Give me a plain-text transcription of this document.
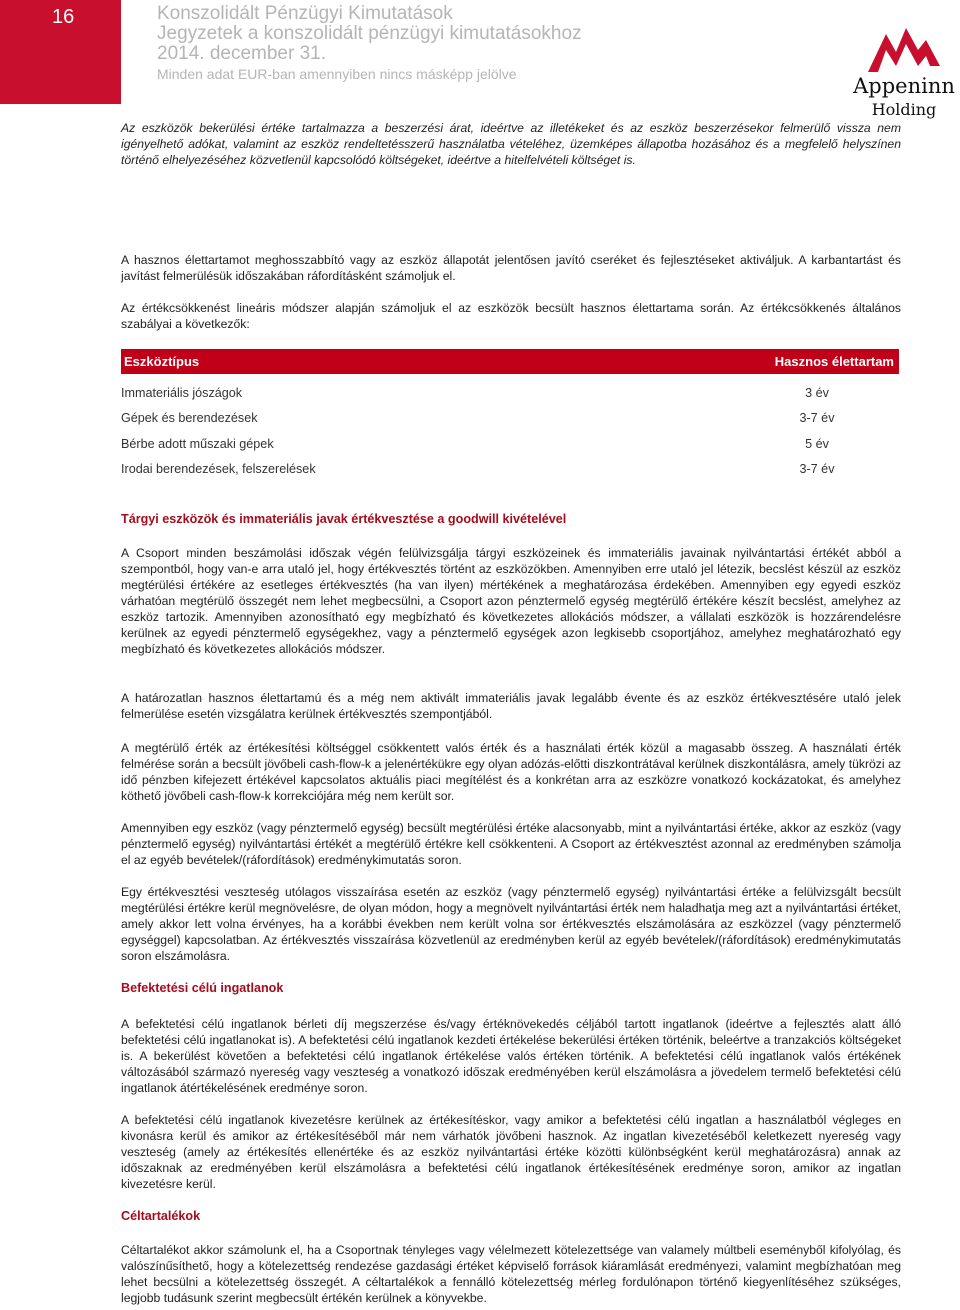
16	Konszolidált Pénzügyi Kimutatások
Jegyzetek a konszolidált pénzügyi kimutatásokhoz
2014. december 31.
Minden adat EUR-ban amennyiben nincs másképp jelölve	Appeninn
Holding

Az eszközök bekerülési értéke tartalmazza a beszerzési árat, ideértve az illetékeket és az eszköz beszerzésekor felmerülő vissza nem igényelhető adókat, valamint az eszköz rendeltetésszerű használatba vételéhez, üzemképes állapotba hozásához és a megfelelő helyszínen történő elhelyezéséhez közvetlenül kapcsolódó költségeket, ideértve a hitelfelvételi költséget is.

A hasznos élettartamot meghosszabbító vagy az eszköz állapotát jelentősen javító cseréket és fejlesztéseket aktiváljuk. A karbantartást és javítást felmerülésük időszakában ráfordításként számoljuk el.

Az értékcsökkenést lineáris módszer alapján számoljuk el az eszközök becsült hasznos élettartama során. Az értékcsökkenés általános szabályai a következők:

Eszköztípus	Hasznos élettartam
Immateriális jószágok	3 év
Gépek és berendezések	3-7 év
Bérbe adott műszaki gépek	5 év
Irodai berendezések, felszerelések	3-7 év
Tárgyi eszközök és immateriális javak értékvesztése a goodwill kivételével

A Csoport minden beszámolási időszak végén felülvizsgálja tárgyi eszközeinek és immateriális javainak nyilvántartási értékét abból a szempontból, hogy van-e arra utaló jel, hogy értékvesztés történt az eszközökben. Amennyiben erre utaló jel létezik, becslést készül az eszköz megtérülési értékére az esetleges értékvesztés (ha van ilyen) mértékének a meghatározása érdekében. Amennyiben egy egyedi eszköz várhatóan megtérülő összegét nem lehet megbecsülni, a Csoport azon pénztermelő egység megtérülő értékére készít becslést, amelyhez az eszköz tartozik. Amennyiben azonosítható egy megbízható és következetes allokációs módszer, a vállalati eszközök is hozzárendelésre kerülnek az egyedi pénztermelő egységekhez, vagy a pénztermelő egységek azon legkisebb csoportjához, amelyhez meghatározható egy megbízható és következetes allokációs módszer.

A határozatlan hasznos élettartamú és a még nem aktivált immateriális javak legalább évente és az eszköz értékvesztésére utaló jelek felmerülése esetén vizsgálatra kerülnek értékvesztés szempontjából.

A megtérülő érték az értékesítési költséggel csökkentett valós érték és a használati érték közül a magasabb összeg. A használati érték felmérése során a becsült jövőbeli cash-flow-k a jelenértékükre egy olyan adózás-előtti diszkontrátával kerülnek diszkontálásra, amely tükrözi az idő pénzben kifejezett értékével kapcsolatos aktuális piaci megítélést és a konkrétan arra az eszközre vonatkozó kockázatokat, és amelyhez köthető jövőbeli cash-flow-k korrekciójára még nem került sor.

Amennyiben egy eszköz (vagy pénztermelő egység) becsült megtérülési értéke alacsonyabb, mint a nyilvántartási értéke, akkor az eszköz (vagy pénztermelő egység) nyilvántartási értékét a megtérülő értékre kell csökkenteni. A Csoport az értékvesztést azonnal az eredményben számolja el az egyéb bevételek/(ráfordítások) eredménykimutatás soron.

Egy értékvesztési veszteség utólagos visszaírása esetén az eszköz (vagy pénztermelő egység) nyilvántartási értéke a felülvizsgált becsült megtérülési értékre kerül megnövelésre, de olyan módon, hogy a megnövelt nyilvántartási érték nem haladhatja meg azt a nyilvántartási értéket, amely akkor lett volna érvényes, ha a korábbi években nem került volna sor értékvesztés elszámolására az eszközzel (vagy pénztermelő egységgel) kapcsolatban. Az értékvesztés visszaírása közvetlenül az eredményben kerül az egyéb bevételek/(ráfordítások) eredménykimutatás soron elszámolásra.

Befektetési célú ingatlanok

A befektetési célú ingatlanok bérleti díj megszerzése és/vagy értéknövekedés céljából tartott ingatlanok (ideértve a fejlesztés alatt álló befektetési célú ingatlanokat is). A befektetési célú ingatlanok kezdeti értékelése bekerülési értéken történik, beleértve a tranzakciós költségeket is. A bekerülést követően a befektetési célú ingatlanok értékelése valós értéken történik. A befektetési célú ingatlanok valós értékének változásából származó nyereség vagy veszteség a vonatkozó időszak eredményében kerül elszámolásra a jövedelem termelő befektetési célú ingatlanok átértékelésének eredménye soron.

A befektetési célú ingatlanok kivezetésre kerülnek az értékesítéskor, vagy amikor a befektetési célú ingatlan a használatból végleges en kivonásra kerül és amikor az értékesítéséből már nem várhatók jövőbeni hasznok. Az ingatlan kivezetéséből keletkezett nyereség vagy veszteség (amely az értékesítés ellenértéke és az eszköz nyilvántartási értéke közötti különbségként kerül meghatározásra) annak az időszaknak az eredményében kerül elszámolásra a befektetési célú ingatlanok értékesítésének eredménye soron, amikor az ingatlan kivezetésre kerül.

Céltartalékok

Céltartalékot akkor számolunk el, ha a Csoportnak tényleges vagy vélelmezett kötelezettsége van valamely múltbeli eseményből kifolyólag, és valószínűsíthető, hogy a kötelezettség rendezése gazdasági értéket képviselő források kiáramlását eredményezi, valamint megbízhatóan meg lehet becsülni a kötelezettség összegét. A céltartalékok a fennálló kötelezettség mérleg fordulónapon történő kiegyenlítéséhez szükséges, legjobb tudásunk szerint megbecsült értékén kerülnek a könyvekbe.
